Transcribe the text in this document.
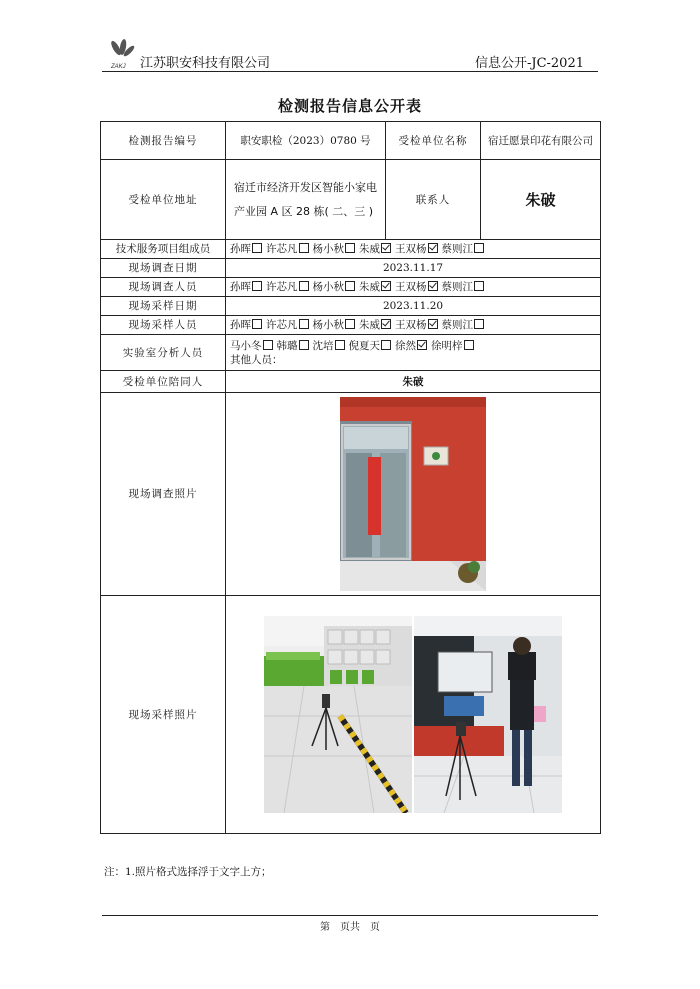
ZAKJ 江苏职安科技有限公司	信息公开-JC-2021
检测报告信息公开表
检测报告编号	职安职检（2023）0780 号	受检单位名称	宿迁愿景印花有限公司
受检单位地址	宿迁市经济开发区智能小家电产业园 A 区 28 栋( 二、三 )	联系人	朱破
技术服务项目组成员	孙晖 许芯凡 杨小秋 朱威 王双杨 蔡则江		
现场调查日期	2023.11.17		
现场调查人员	孙晖 许芯凡 杨小秋 朱威 王双杨 蔡则江		
现场采样日期	2023.11.20		
现场采样人员	孙晖 许芯凡 杨小秋 朱威 王双杨 蔡则江		
实验室分析人员	马小冬 韩璐 沈培 倪夏天 徐然 徐明梓
其他人员：		

受检单位陪同人	朱破		
现场调查照片	

现场采样照片	
注：1.照片格式选择浮于文字上方；
第　页共　页
